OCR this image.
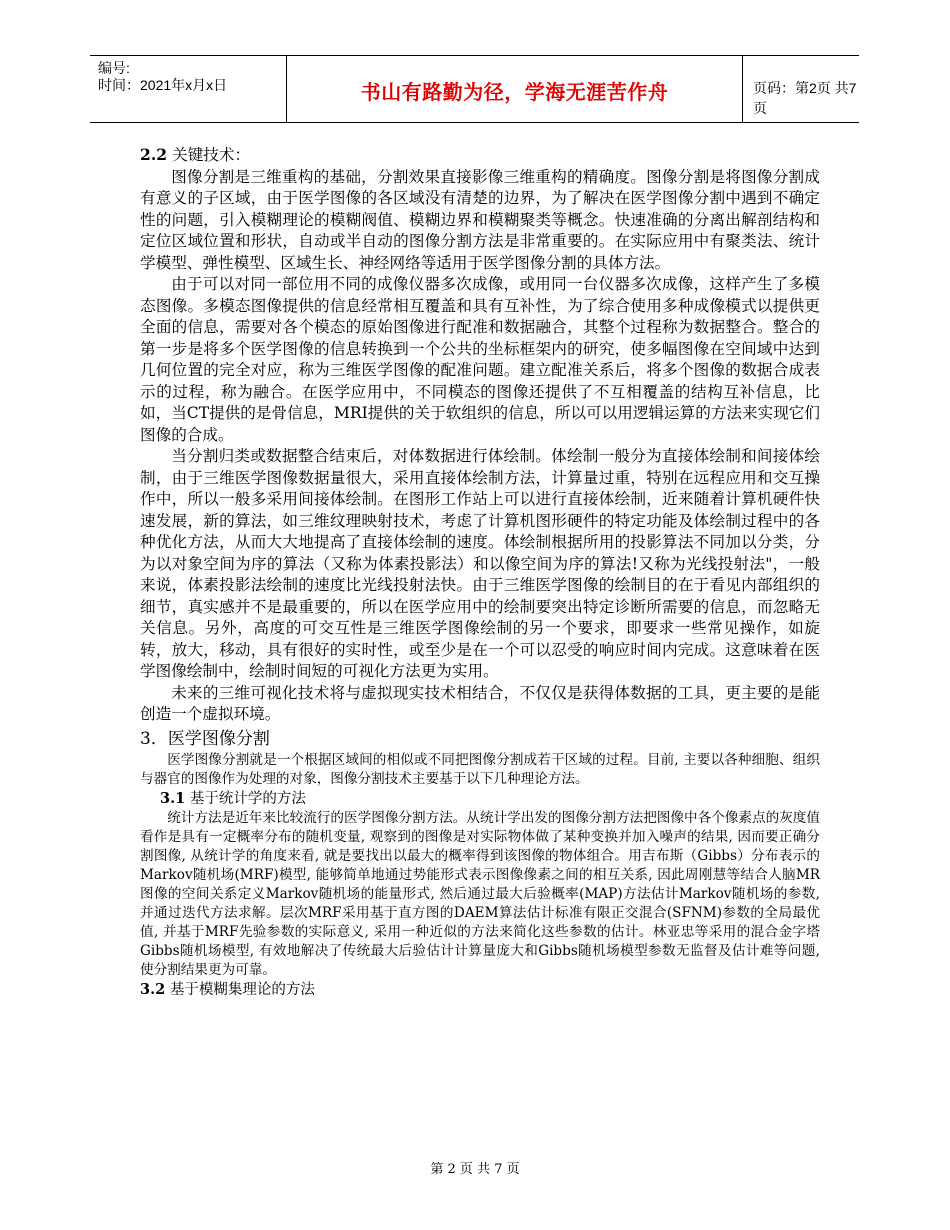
编号:
时间：2021年x月x日	书山有路勤为径，学海无涯苦作舟	页码：第2页 共7页

2.2 关键技术：

图像分割是三维重构的基础，分割效果直接影像三维重构的精确度。图像分割是将图像分割成有意义的子区域，由于医学图像的各区域没有清楚的边界，为了解决在医学图像分割中遇到不确定性的问题，引入模糊理论的模糊阀值、模糊边界和模糊聚类等概念。快速准确的分离出解剖结构和定位区域位置和形状，自动或半自动的图像分割方法是非常重要的。在实际应用中有聚类法、统计学模型、弹性模型、区域生长、神经网络等适用于医学图像分割的具体方法。

由于可以对同一部位用不同的成像仪器多次成像，或用同一台仪器多次成像，这样产生了多模态图像。多模态图像提供的信息经常相互覆盖和具有互补性，为了综合使用多种成像模式以提供更全面的信息，需要对各个模态的原始图像进行配准和数据融合，其整个过程称为数据整合。整合的第一步是将多个医学图像的信息转换到一个公共的坐标框架内的研究，使多幅图像在空间域中达到几何位置的完全对应，称为三维医学图像的配准问题。建立配准关系后，将多个图像的数据合成表示的过程，称为融合。在医学应用中，不同模态的图像还提供了不互相覆盖的结构互补信息，比如，当CT提供的是骨信息，MRI提供的关于软组织的信息，所以可以用逻辑运算的方法来实现它们图像的合成。

当分割归类或数据整合结束后，对体数据进行体绘制。体绘制一般分为直接体绘制和间接体绘制，由于三维医学图像数据量很大，采用直接体绘制方法，计算量过重，特别在远程应用和交互操作中，所以一般多采用间接体绘制。在图形工作站上可以进行直接体绘制，近来随着计算机硬件快速发展，新的算法，如三维纹理映射技术，考虑了计算机图形硬件的特定功能及体绘制过程中的各种优化方法，从而大大地提高了直接体绘制的速度。体绘制根据所用的投影算法不同加以分类，分为以对象空间为序的算法（又称为体素投影法）和以像空间为序的算法!又称为光线投射法"，一般来说，体素投影法绘制的速度比光线投射法快。由于三维医学图像的绘制目的在于看见内部组织的细节，真实感并不是最重要的，所以在医学应用中的绘制要突出特定诊断所需要的信息，而忽略无关信息。另外，高度的可交互性是三维医学图像绘制的另一个要求，即要求一些常见操作，如旋转，放大，移动，具有很好的实时性，或至少是在一个可以忍受的响应时间内完成。这意味着在医学图像绘制中，绘制时间短的可视化方法更为实用。

未来的三维可视化技术将与虚拟现实技术相结合，不仅仅是获得体数据的工具，更主要的是能创造一个虚拟环境。

3．医学图像分割

医学图像分割就是一个根据区域间的相似或不同把图像分割成若干区域的过程。目前, 主要以各种细胞、组织与器官的图像作为处理的对象，图像分割技术主要基于以下几种理论方法。

3.1 基于统计学的方法

统计方法是近年来比较流行的医学图像分割方法。从统计学出发的图像分割方法把图像中各个像素点的灰度值看作是具有一定概率分布的随机变量, 观察到的图像是对实际物体做了某种变换并加入噪声的结果, 因而要正确分割图像, 从统计学的角度来看, 就是要找出以最大的概率得到该图像的物体组合。用吉布斯（Gibbs）分布表示的Markov随机场(MRF)模型, 能够简单地通过势能形式表示图像像素之间的相互关系, 因此周刚慧等结合人脑MR图像的空间关系定义Markov随机场的能量形式, 然后通过最大后验概率(MAP)方法估计Markov随机场的参数, 并通过迭代方法求解。层次MRF采用基于直方图的DAEM算法估计标准有限正交混合(SFNM)参数的全局最优值, 并基于MRF先验参数的实际意义, 采用一种近似的方法来简化这些参数的估计。林亚忠等采用的混合金字塔Gibbs随机场模型, 有效地解决了传统最大后验估计计算量庞大和Gibbs随机场模型参数无监督及估计难等问题, 使分割结果更为可靠。

3.2 基于模糊集理论的方法

第 2 页 共 7 页
